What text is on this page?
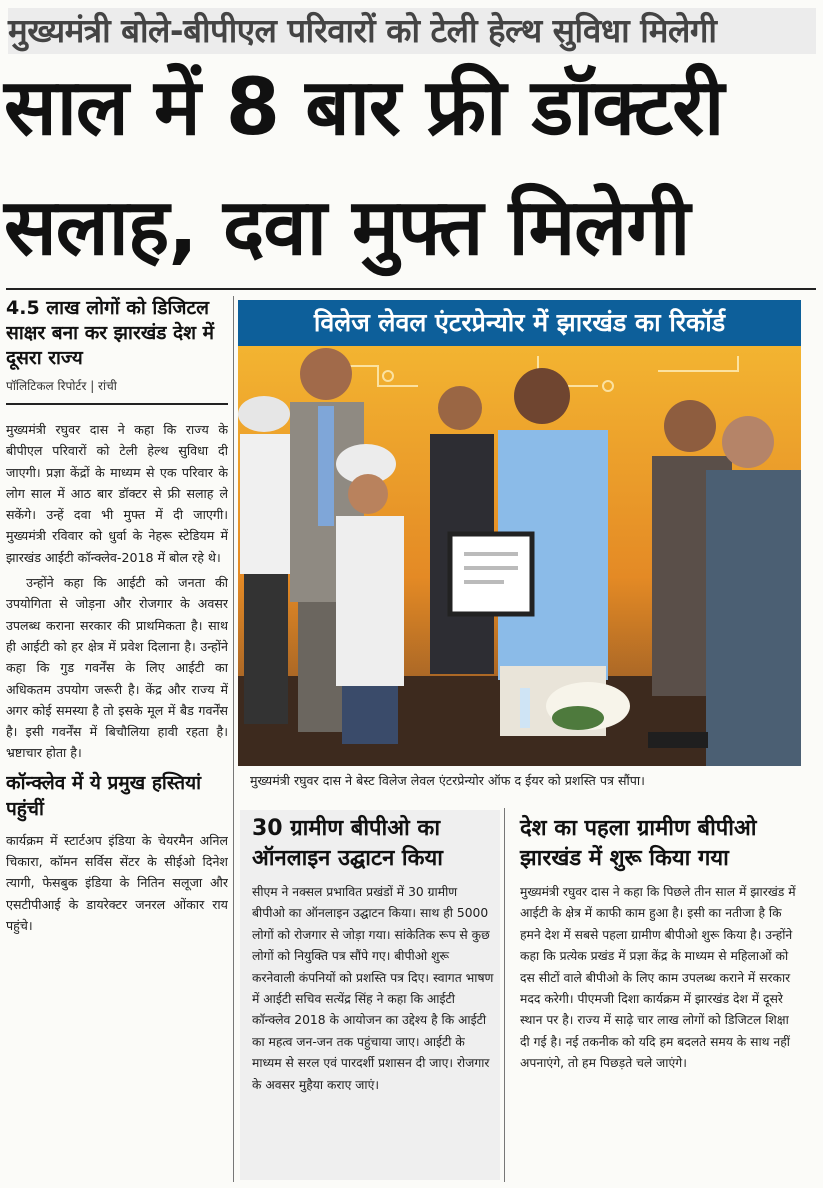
मुख्यमंत्री बोले-बीपीएल परिवारों को टेली हेल्थ सुविधा मिलेगी
साल में 8 बार फ्री डॉक्टरी
सलाह, दवा मुफ्त मिलेगी
4.5 लाख लोगों को डिजिटल साक्षर बना कर झारखंड देश में दूसरा राज्य
पॉलिटिकल रिपोर्टर | रांची

मुख्यमंत्री रघुवर दास ने कहा कि राज्य के बीपीएल परिवारों को टेली हेल्थ सुविधा दी जाएगी। प्रज्ञा केंद्रों के माध्यम से एक परिवार के लोग साल में आठ बार डॉक्टर से फ्री सलाह ले सकेंगे। उन्हें दवा भी मुफ्त में दी जाएगी। मुख्यमंत्री रविवार को धुर्वा के नेहरू स्टेडियम में झारखंड आईटी कॉन्क्लेव-2018 में बोल रहे थे।

उन्होंने कहा कि आईटी को जनता की उपयोगिता से जोड़ना और रोजगार के अवसर उपलब्ध कराना सरकार की प्राथमिकता है। साथ ही आईटी को हर क्षेत्र में प्रवेश दिलाना है। उन्होंने कहा कि गुड गवर्नेंस के लिए आईटी का अधिकतम उपयोग जरूरी है। केंद्र और राज्य में अगर कोई समस्या है तो इसके मूल में बैड गवर्नेंस है। इसी गवर्नेंस में बिचौलिया हावी रहता है। भ्रष्टाचार होता है।

कॉन्क्लेव में ये प्रमुख हस्तियां पहुंचीं

कार्यक्रम में स्टार्टअप इंडिया के चेयरमैन अनिल चिकारा, कॉमन सर्विस सेंटर के सीईओ दिनेश त्यागी, फेसबुक इंडिया के नितिन सलूजा और एसटीपीआई के डायरेक्टर जनरल ओंकार राय पहुंचे।

विलेज लेवल एंटरप्रेन्योर में झारखंड का रिकॉर्ड
मुख्यमंत्री रघुवर दास ने बेस्ट विलेज लेवल एंटरप्रेन्योर ऑफ द ईयर को प्रशस्ति पत्र सौंपा।
30 ग्रामीण बीपीओ का ऑनलाइन उद्घाटन किया
सीएम ने नक्सल प्रभावित प्रखंडों में 30 ग्रामीण बीपीओ का ऑनलाइन उद्घाटन किया। साथ ही 5000 लोगों को रोजगार से जोड़ा गया। सांकेतिक रूप से कुछ लोगों को नियुक्ति पत्र सौंपे गए। बीपीओ शुरू करनेवाली कंपनियों को प्रशस्ति पत्र दिए। स्वागत भाषण में आईटी सचिव सत्येंद्र सिंह ने कहा कि आईटी कॉन्क्लेव 2018 के आयोजन का उद्देश्य है कि आईटी का महत्व जन-जन तक पहुंचाया जाए। आईटी के माध्यम से सरल एवं पारदर्शी प्रशासन दी जाए। रोजगार के अवसर मुहैया कराए जाएं।
देश का पहला ग्रामीण बीपीओ झारखंड में शुरू किया गया
मुख्यमंत्री रघुवर दास ने कहा कि पिछले तीन साल में झारखंड में आईटी के क्षेत्र में काफी काम हुआ है। इसी का नतीजा है कि हमने देश में सबसे पहला ग्रामीण बीपीओ शुरू किया है। उन्होंने कहा कि प्रत्येक प्रखंड में प्रज्ञा केंद्र के माध्यम से महिलाओं को दस सीटों वाले बीपीओ के लिए काम उपलब्ध कराने में सरकार मदद करेगी। पीएमजी दिशा कार्यक्रम में झारखंड देश में दूसरे स्थान पर है। राज्य में साढ़े चार लाख लोगों को डिजिटल शिक्षा दी गई है। नई तकनीक को यदि हम बदलते समय के साथ नहीं अपनाएंगे, तो हम पिछड़ते चले जाएंगे।
